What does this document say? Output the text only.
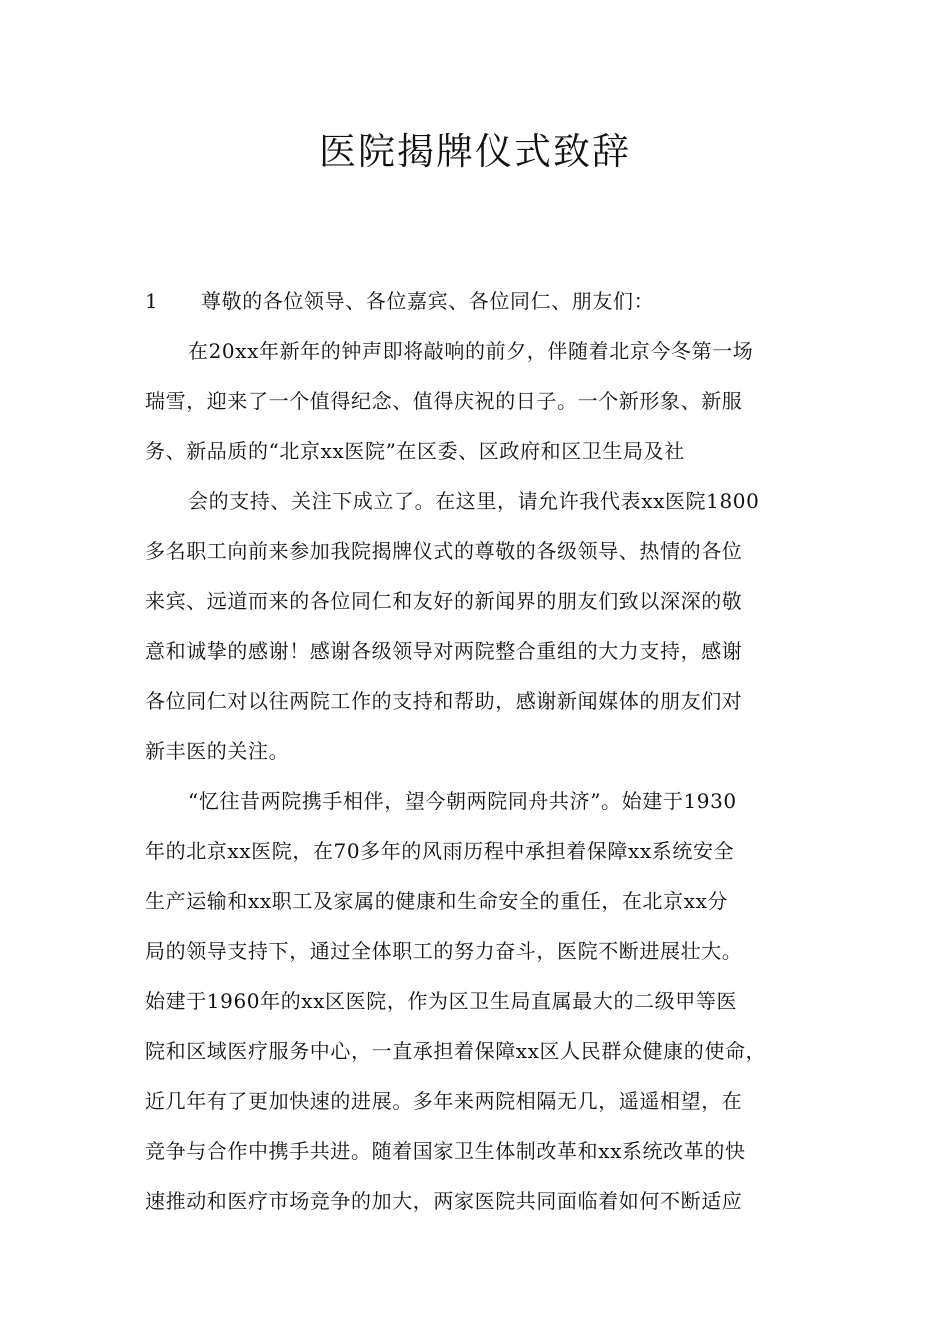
医院揭牌仪式致辞
1 尊敬的各位领导、各位嘉宾、各位同仁、朋友们：
在20xx年新年的钟声即将敲响的前夕，伴随着北京今冬第一场
瑞雪，迎来了一个值得纪念、值得庆祝的日子。一个新形象、新服
务、新品质的“北京xx医院”在区委、区政府和区卫生局及社
会的支持、关注下成立了。在这里，请允许我代表xx医院1800
多名职工向前来参加我院揭牌仪式的尊敬的各级领导、热情的各位
来宾、远道而来的各位同仁和友好的新闻界的朋友们致以深深的敬
意和诚挚的感谢！感谢各级领导对两院整合重组的大力支持，感谢
各位同仁对以往两院工作的支持和帮助，感谢新闻媒体的朋友们对
新丰医的关注。
“忆往昔两院携手相伴，望今朝两院同舟共济”。始建于1930
年的北京xx医院，在70多年的风雨历程中承担着保障xx系统安全
生产运输和xx职工及家属的健康和生命安全的重任，在北京xx分
局的领导支持下，通过全体职工的努力奋斗，医院不断进展壮大。
始建于1960年的xx区医院，作为区卫生局直属最大的二级甲等医
院和区域医疗服务中心，一直承担着保障xx区人民群众健康的使命，
近几年有了更加快速的进展。多年来两院相隔无几，遥遥相望，在
竞争与合作中携手共进。随着国家卫生体制改革和xx系统改革的快
速推动和医疗市场竞争的加大，两家医院共同面临着如何不断适应
